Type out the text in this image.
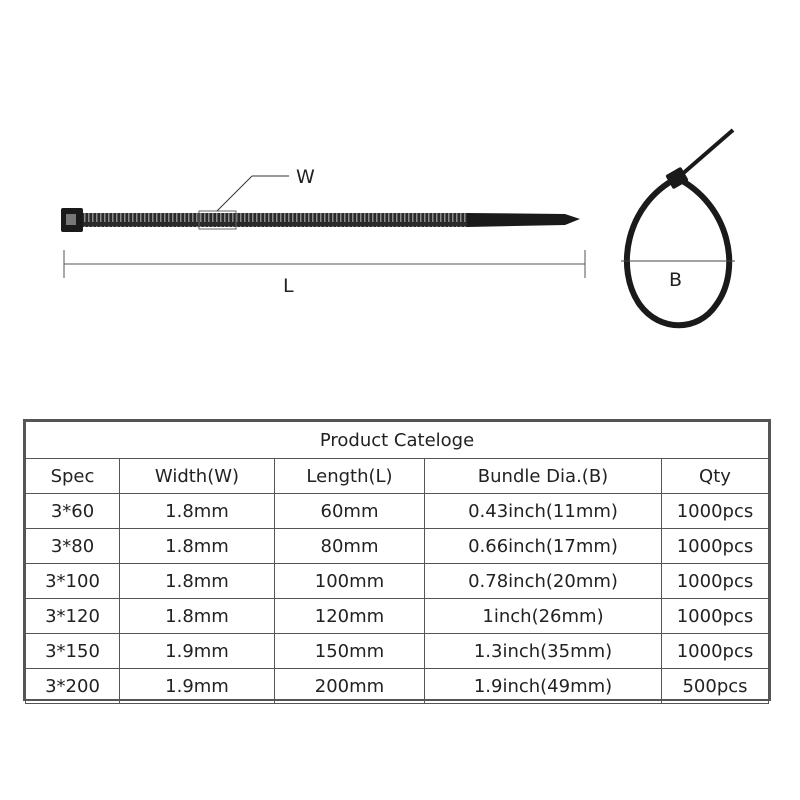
W
L	B
Product Cateloge				
Spec	Width(W)	Length(L)	Bundle Dia.(B)	Qty
3*60	1.8mm	60mm	0.43inch(11mm)	1000pcs
3*80	1.8mm	80mm	0.66inch(17mm)	1000pcs
3*100	1.8mm	100mm	0.78inch(20mm)	1000pcs
3*120	1.8mm	120mm	1inch(26mm)	1000pcs
3*150	1.9mm	150mm	1.3inch(35mm)	1000pcs
3*200	1.9mm	200mm	1.9inch(49mm)	500pcs
